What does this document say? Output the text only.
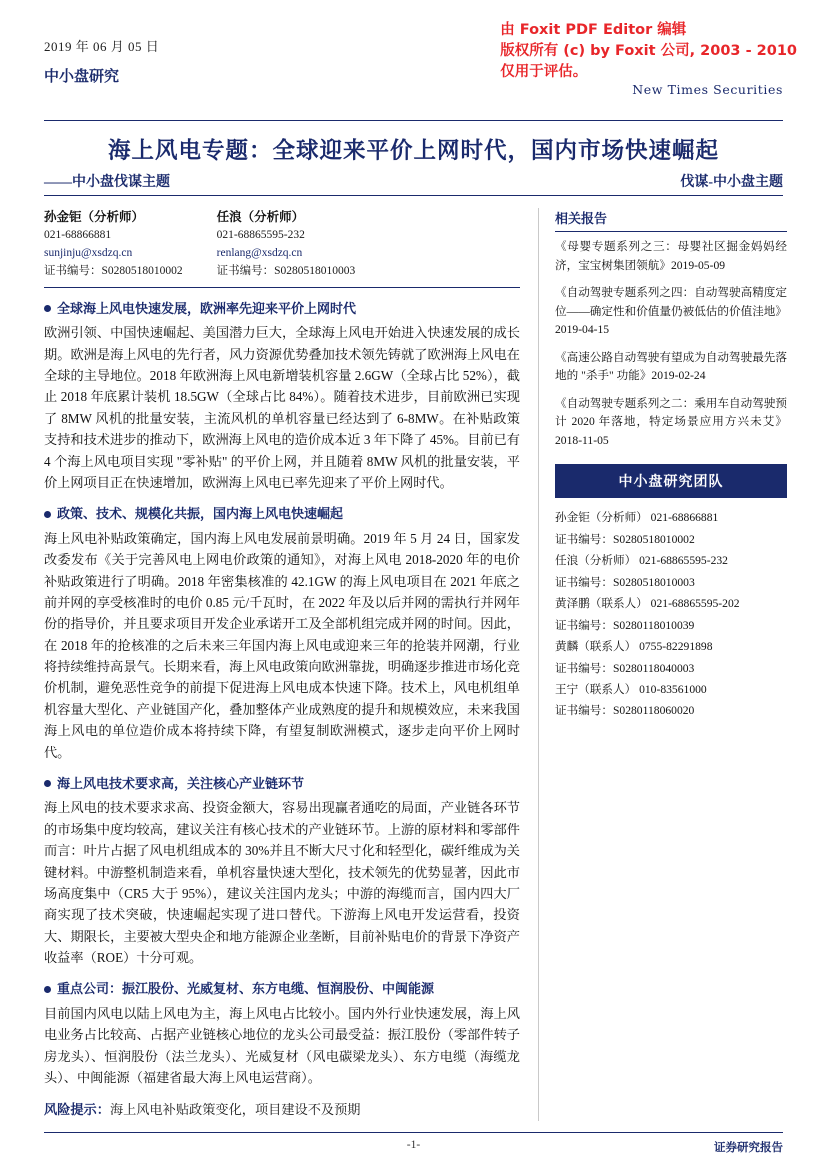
由 Foxit PDF Editor 编辑
版权所有 (c) by Foxit 公司, 2003 - 2010
仅用于评估。
2019 年 06 月 05 日
中小盘研究
New Times Securities
海上风电专题：全球迎来平价上网时代，国内市场快速崛起
——中小盘伐谋主题	伐谋-中小盘主题
孙金钜（分析师）
021-68866881
sunjinju@xsdzq.cn
证书编号：S0280518010002
任浪（分析师）
021-68865595-232
renlang@xsdzq.cn
证书编号：S0280518010003
全球海上风电快速发展，欧洲率先迎来平价上网时代

欧洲引领、中国快速崛起、美国潜力巨大，全球海上风电开始进入快速发展的成长期。欧洲是海上风电的先行者，风力资源优势叠加技术领先铸就了欧洲海上风电在全球的主导地位。2018 年欧洲海上风电新增装机容量 2.6GW（全球占比 52%），截止 2018 年底累计装机 18.5GW（全球占比 84%）。随着技术进步，目前欧洲已实现了 8MW 风机的批量安装，主流风机的单机容量已经达到了 6-8MW。在补贴政策支持和技术进步的推动下，欧洲海上风电的造价成本近 3 年下降了 45%。目前已有 4 个海上风电项目实现 "零补贴" 的平价上网，并且随着 8MW 风机的批量安装，平价上网项目正在快速增加，欧洲海上风电已率先迎来了平价上网时代。

政策、技术、规模化共振，国内海上风电快速崛起

海上风电补贴政策确定，国内海上风电发展前景明确。2019 年 5 月 24 日，国家发改委发布《关于完善风电上网电价政策的通知》，对海上风电 2018-2020 年的电价补贴政策进行了明确。2018 年密集核准的 42.1GW 的海上风电项目在 2021 年底之前并网的享受核准时的电价 0.85 元/千瓦时，在 2022 年及以后并网的需执行并网年份的指导价，并且要求项目开发企业承诺开工及全部机组完成并网的时间。因此，在 2018 年的抢核准的之后未来三年国内海上风电或迎来三年的抢装并网潮，行业将持续维持高景气。长期来看，海上风电政策向欧洲靠拢，明确逐步推进市场化竞价机制，避免恶性竞争的前提下促进海上风电成本快速下降。技术上，风电机组单机容量大型化、产业链国产化，叠加整体产业成熟度的提升和规模效应，未来我国海上风电的单位造价成本将持续下降，有望复制欧洲模式，逐步走向平价上网时代。

海上风电技术要求高，关注核心产业链环节

海上风电的技术要求求高、投资金额大，容易出现赢者通吃的局面，产业链各环节的市场集中度均较高，建议关注有核心技术的产业链环节。上游的原材料和零部件而言：叶片占据了风电机组成本的 30%并且不断大尺寸化和轻型化，碳纤维成为关键材料。中游整机制造来看，单机容量快速大型化，技术领先的优势显著，因此市场高度集中（CR5 大于 95%），建议关注国内龙头；中游的海缆而言，国内四大厂商实现了技术突破，快速崛起实现了进口替代。下游海上风电开发运营看，投资大、期限长，主要被大型央企和地方能源企业垄断，目前补贴电价的背景下净资产收益率（ROE）十分可观。

重点公司：振江股份、光威复材、东方电缆、恒润股份、中闽能源

目前国内风电以陆上风电为主，海上风电占比较小。国内外行业快速发展，海上风电业务占比较高、占据产业链核心地位的龙头公司最受益：振江股份（零部件转子房龙头）、恒润股份（法兰龙头）、光威复材（风电碳梁龙头）、东方电缆（海缆龙头）、中闽能源（福建省最大海上风电运营商）。

风险提示：海上风电补贴政策变化，项目建设不及预期
相关报告
《母婴专题系列之三：母婴社区掘金妈妈经济，宝宝树集团领航》2019-05-09
《自动驾驶专题系列之四：自动驾驶高精度定位——确定性和价值量仍被低估的价值洼地》2019-04-15
《高速公路自动驾驶有望成为自动驾驶最先落地的 "杀手" 功能》2019-02-24
《自动驾驶专题系列之二：乘用车自动驾驶预计 2020 年落地，特定场景应用方兴未艾》2018-11-05
中小盘研究团队
孙金钜（分析师） 021-68866881
证书编号：S0280518010002
任浪（分析师） 021-68865595-232
证书编号：S0280518010003
黄泽鹏（联系人） 021-68865595-202
证书编号：S0280118010039
黄麟（联系人） 0755-82291898
证书编号：S0280118040003
王宁（联系人） 010-83561000
证书编号：S0280118060020
-1-	证券研究报告
